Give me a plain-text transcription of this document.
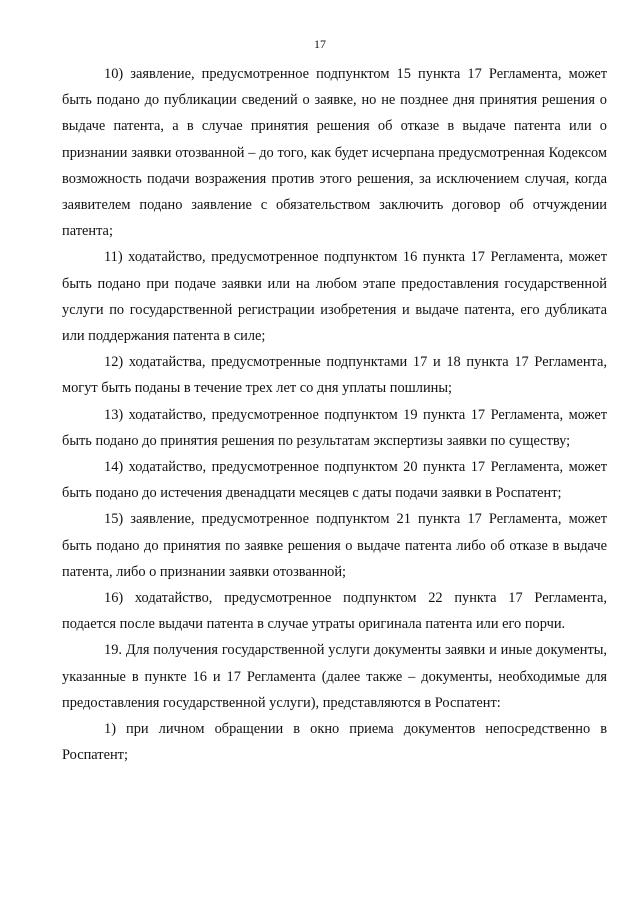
17

10) заявление, предусмотренное подпунктом 15 пункта 17 Регламента, может быть подано до публикации сведений о заявке, но не позднее дня принятия решения о выдаче патента, а в случае принятия решения об отказе в выдаче патента или о признании заявки отозванной – до того, как будет исчерпана предусмотренная Кодексом возможность подачи возражения против этого решения, за исключением случая, когда заявителем подано заявление с обязательством заключить договор об отчуждении патента;

11) ходатайство, предусмотренное подпунктом 16 пункта 17 Регламента, может быть подано при подаче заявки или на любом этапе предоставления государственной услуги по государственной регистрации изобретения и выдаче патента, его дубликата или поддержания патента в силе;

12) ходатайства, предусмотренные подпунктами 17 и 18 пункта 17 Регламента, могут быть поданы в течение трех лет со дня уплаты пошлины;

13) ходатайство, предусмотренное подпунктом 19 пункта 17 Регламента, может быть подано до принятия решения по результатам экспертизы заявки по существу;

14) ходатайство, предусмотренное подпунктом 20 пункта 17 Регламента, может быть подано до истечения двенадцати месяцев с даты подачи заявки в Роспатент;

15) заявление, предусмотренное подпунктом 21 пункта 17 Регламента, может быть подано до принятия по заявке решения о выдаче патента либо об отказе в выдаче патента, либо о признании заявки отозванной;

16) ходатайство, предусмотренное подпунктом 22 пункта 17 Регламента, подается после выдачи патента в случае утраты оригинала патента или его порчи.

19. Для получения государственной услуги документы заявки и иные документы, указанные в пункте 16 и 17 Регламента (далее также – документы, необходимые для предоставления государственной услуги), представляются в Роспатент:

1) при личном обращении в окно приема документов непосредственно в Роспатент;
